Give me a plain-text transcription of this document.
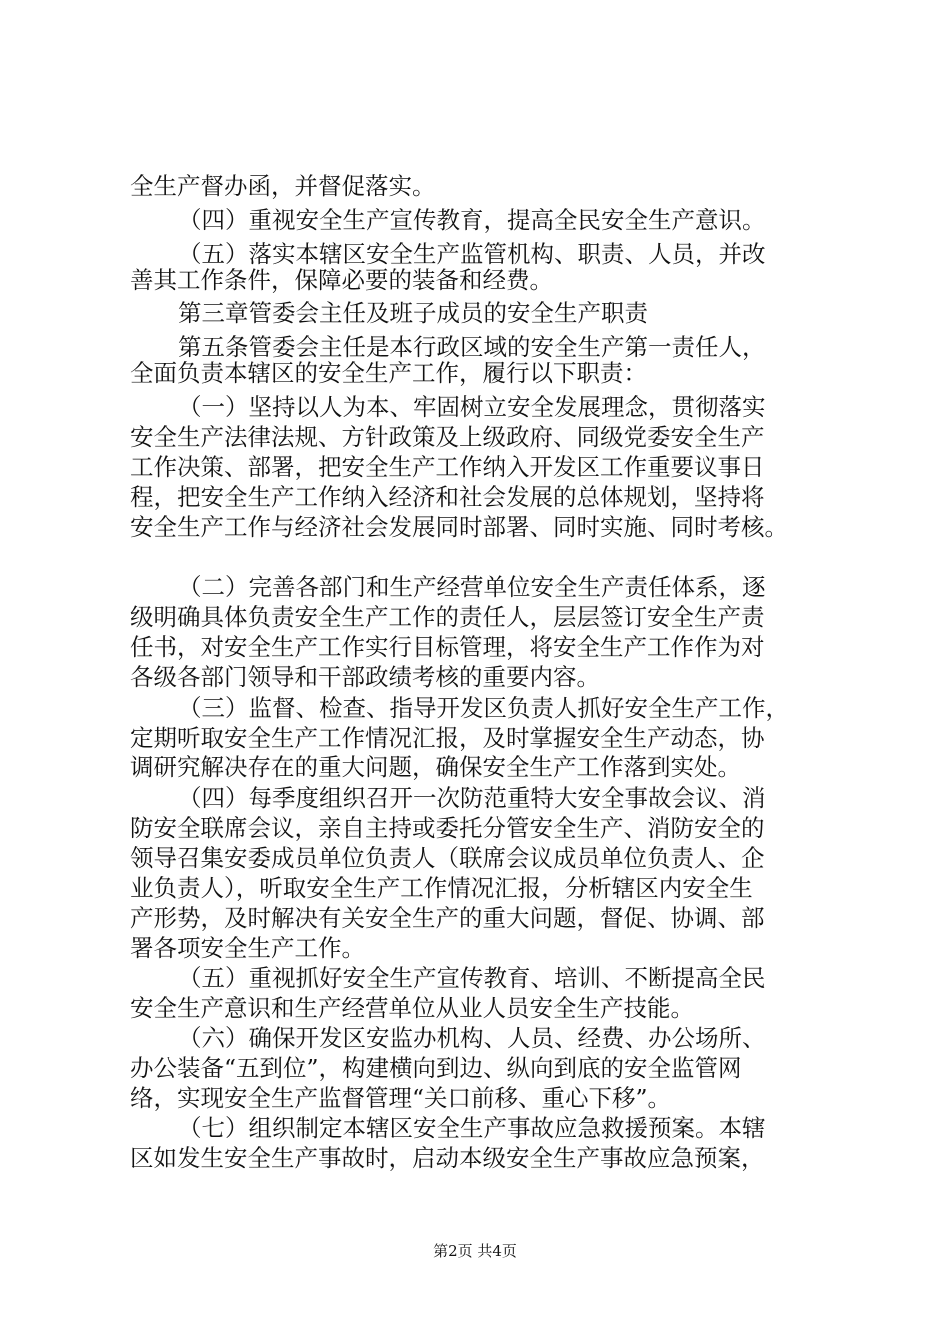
全生产督办函，并督促落实。
（四）重视安全生产宣传教育，提高全民安全生产意识。
（五）落实本辖区安全生产监管机构、职责、人员，并改
善其工作条件，保障必要的装备和经费。
第三章管委会主任及班子成员的安全生产职责
第五条管委会主任是本行政区域的安全生产第一责任人，
全面负责本辖区的安全生产工作，履行以下职责：
（一）坚持以人为本、牢固树立安全发展理念，贯彻落实
安全生产法律法规、方针政策及上级政府、同级党委安全生产
工作决策、部署，把安全生产工作纳入开发区工作重要议事日
程，把安全生产工作纳入经济和社会发展的总体规划，坚持将
安全生产工作与经济社会发展同时部署、同时实施、同时考核。
（二）完善各部门和生产经营单位安全生产责任体系，逐
级明确具体负责安全生产工作的责任人，层层签订安全生产责
任书，对安全生产工作实行目标管理，将安全生产工作作为对
各级各部门领导和干部政绩考核的重要内容。
（三）监督、检查、指导开发区负责人抓好安全生产工作，
定期听取安全生产工作情况汇报，及时掌握安全生产动态，协
调研究解决存在的重大问题，确保安全生产工作落到实处。
（四）每季度组织召开一次防范重特大安全事故会议、消
防安全联席会议，亲自主持或委托分管安全生产、消防安全的
领导召集安委成员单位负责人（联席会议成员单位负责人、企
业负责人），听取安全生产工作情况汇报，分析辖区内安全生
产形势，及时解决有关安全生产的重大问题，督促、协调、部
署各项安全生产工作。
（五）重视抓好安全生产宣传教育、培训、不断提高全民
安全生产意识和生产经营单位从业人员安全生产技能。
（六）确保开发区安监办机构、人员、经费、办公场所、
办公装备“五到位”，构建横向到边、纵向到底的安全监管网
络，实现安全生产监督管理“关口前移、重心下移”。
（七）组织制定本辖区安全生产事故应急救援预案。本辖
区如发生安全生产事故时，启动本级安全生产事故应急预案，
第2页 共4页
